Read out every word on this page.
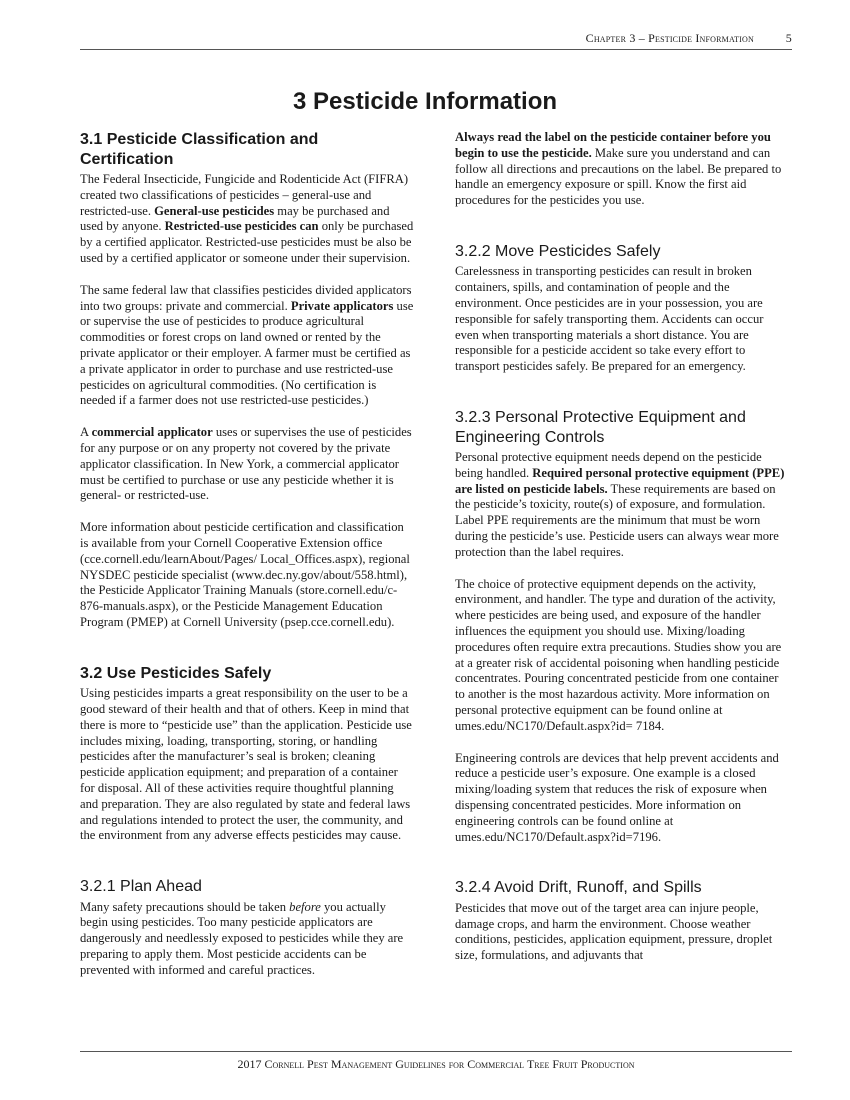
Chapter 3 – Pesticide Information	5
3 Pesticide Information
3.1 Pesticide Classification and Certification

The Federal Insecticide, Fungicide and Rodenticide Act (FIFRA) created two classifications of pesticides – general-use and restricted-use. General-use pesticides may be purchased and used by anyone. Restricted-use pesticides can only be purchased by a certified applicator. Restricted-use pesticides must be also be used by a certified applicator or someone under their supervision.

The same federal law that classifies pesticides divided applicators into two groups: private and commercial. Private applicators use or supervise the use of pesticides to produce agricultural commodities or forest crops on land owned or rented by the private applicator or their employer. A farmer must be certified as a private applicator in order to purchase and use restricted-use pesticides on agricultural commodities. (No certification is needed if a farmer does not use restricted-use pesticides.)

A commercial applicator uses or supervises the use of pesticides for any purpose or on any property not covered by the private applicator classification. In New York, a commercial applicator must be certified to purchase or use any pesticide whether it is general- or restricted-use.

More information about pesticide certification and classification is available from your Cornell Cooperative Extension office (cce.cornell.edu/learnAbout/Pages/ Local_Offices.aspx), regional NYSDEC pesticide specialist (www.dec.ny.gov/about/558.html), the Pesticide Applicator Training Manuals (store.cornell.edu/c-876-manuals.aspx), or the Pesticide Management Education Program (PMEP) at Cornell University (psep.cce.cornell.edu).

3.2 Use Pesticides Safely

Using pesticides imparts a great responsibility on the user to be a good steward of their health and that of others. Keep in mind that there is more to “pesticide use” than the application. Pesticide use includes mixing, loading, transporting, storing, or handling pesticides after the manufacturer’s seal is broken; cleaning pesticide application equipment; and preparation of a container for disposal. All of these activities require thoughtful planning and preparation. They are also regulated by state and federal laws and regulations intended to protect the user, the community, and the environment from any adverse effects pesticides may cause.

3.2.1 Plan Ahead

Many safety precautions should be taken before you actually begin using pesticides. Too many pesticide applicators are dangerously and needlessly exposed to pesticides while they are preparing to apply them. Most pesticide accidents can be prevented with informed and careful practices.

Always read the label on the pesticide container before you begin to use the pesticide. Make sure you understand and can follow all directions and precautions on the label. Be prepared to handle an emergency exposure or spill. Know the first aid procedures for the pesticides you use.

3.2.2 Move Pesticides Safely

Carelessness in transporting pesticides can result in broken containers, spills, and contamination of people and the environment. Once pesticides are in your possession, you are responsible for safely transporting them. Accidents can occur even when transporting materials a short distance. You are responsible for a pesticide accident so take every effort to transport pesticides safely. Be prepared for an emergency.

3.2.3 Personal Protective Equipment and Engineering Controls

Personal protective equipment needs depend on the pesticide being handled. Required personal protective equipment (PPE) are listed on pesticide labels. These requirements are based on the pesticide’s toxicity, route(s) of exposure, and formulation. Label PPE requirements are the minimum that must be worn during the pesticide’s use. Pesticide users can always wear more protection than the label requires.

The choice of protective equipment depends on the activity, environment, and handler. The type and duration of the activity, where pesticides are being used, and exposure of the handler influences the equipment you should use. Mixing/loading procedures often require extra precautions. Studies show you are at a greater risk of accidental poisoning when handling pesticide concentrates. Pouring concentrated pesticide from one container to another is the most hazardous activity. More information on personal protective equipment can be found online at umes.edu/NC170/Default.aspx?id= 7184.

Engineering controls are devices that help prevent accidents and reduce a pesticide user’s exposure. One example is a closed mixing/loading system that reduces the risk of exposure when dispensing concentrated pesticides. More information on engineering controls can be found online at umes.edu/NC170/Default.aspx?id=7196.

3.2.4 Avoid Drift, Runoff, and Spills

Pesticides that move out of the target area can injure people, damage crops, and harm the environment. Choose weather conditions, pesticides, application equipment, pressure, droplet size, formulations, and adjuvants that

2017 Cornell Pest Management Guidelines for Commercial Tree Fruit Production
